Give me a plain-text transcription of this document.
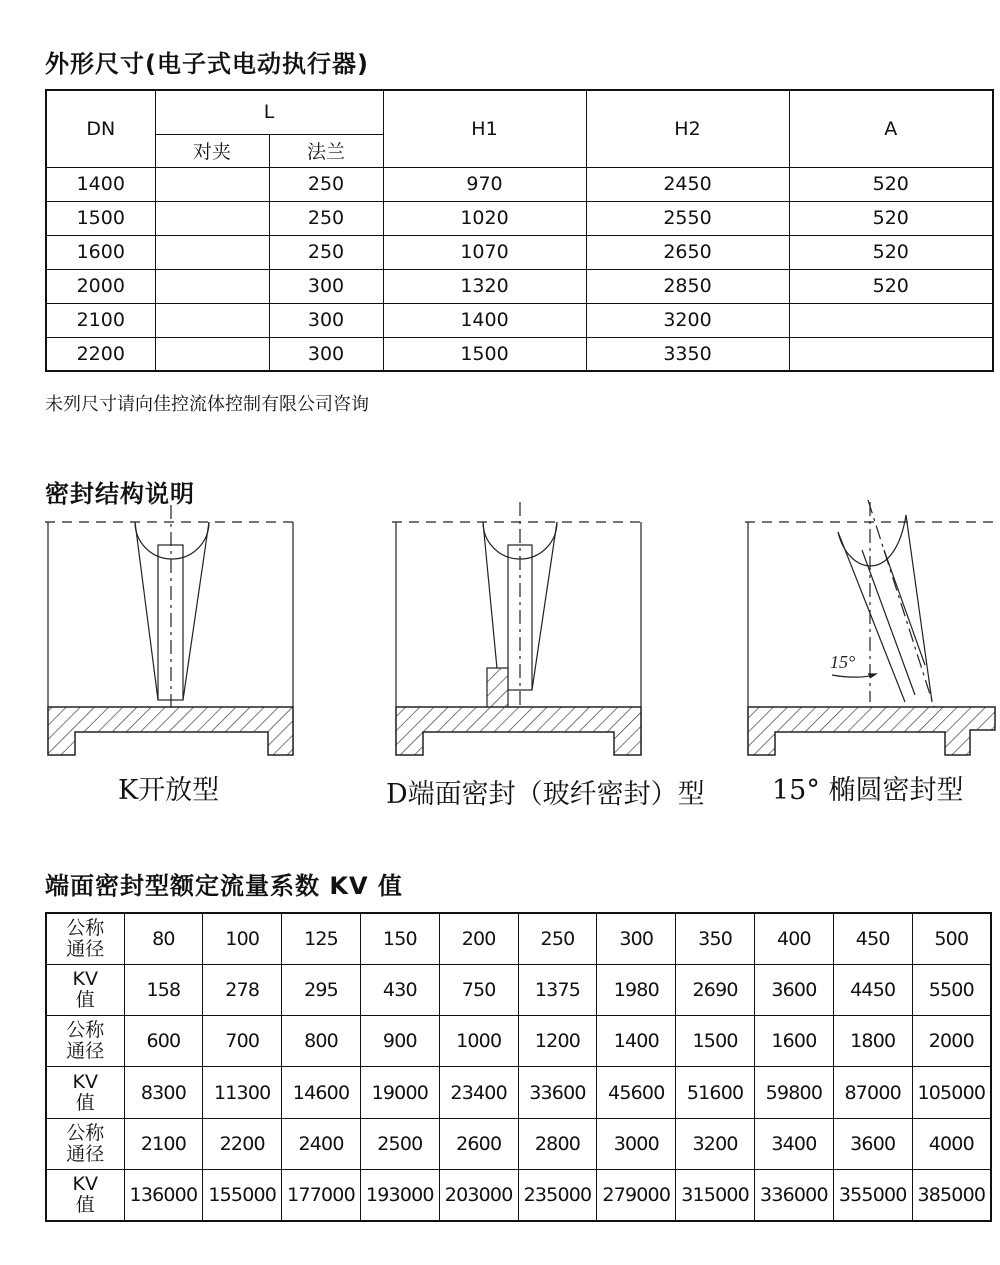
外形尺寸(电子式电动执行器)
DN	L		H1	H2	A
	对夹	法兰			
1400		250	970	2450	520
1500		250	1020	2550	520
1600		250	1070	2650	520
2000		300	1320	2850	520
2100		300	1400	3200	
2200		300	1500	3350	
未列尺寸请向佳控流体控制有限公司咨询
密封结构说明
15°
K开放型	D端面密封（玻纤密封）型 15° 椭圆密封型
端面密封型额定流量系数 KV 值
公称
通径	80	100	125	150	200	250	300	350	400	450	500
KV
值	158	278	295	430	750	1375	1980	2690	3600	4450	5500
公称
通径	600	700	800	900	1000	1200	1400	1500	1600	1800	2000
KV
值	8300	11300	14600	19000	23400	33600	45600	51600	59800	87000	105000
公称
通径	2100	2200	2400	2500	2600	2800	3000	3200	3400	3600	4000
KV
值	136000	155000	177000	193000	203000	235000	279000	315000	336000	355000	385000
